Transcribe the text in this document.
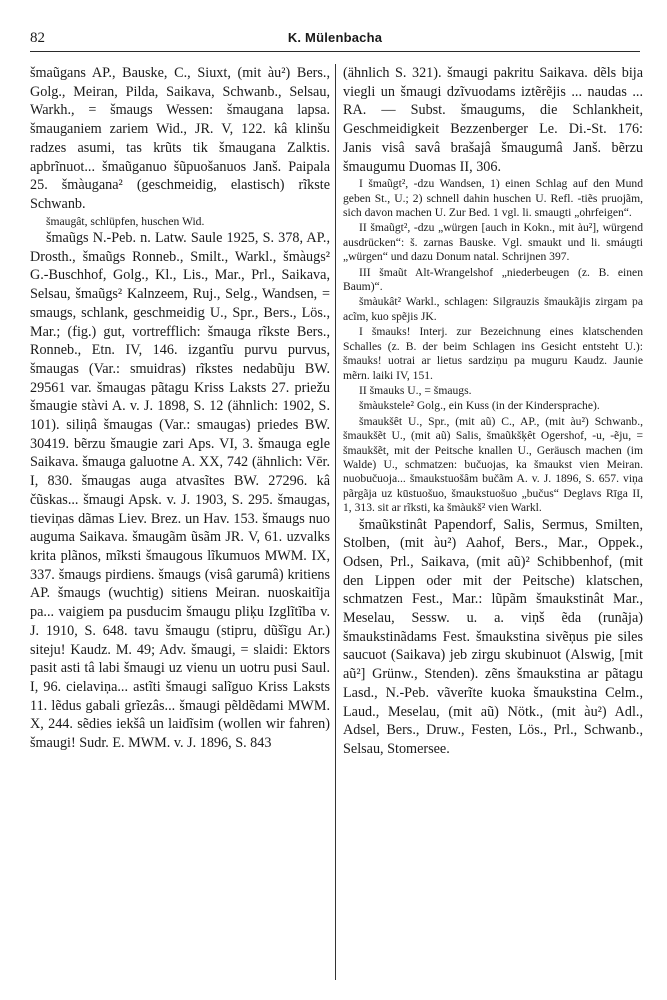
82	K. Mülenbacha

šmaũgans AP., Bauske, C., Siuxt, (mit àu²) Bers., Golg., Meiran, Pilda, Saikava, Schwanb., Selsau, Warkh., = šmaugs Wessen: šmaugana lapsa. šmauganiem zariem Wid., JR. V, 122. kâ klinšu radzes asumi, tas krũts tik šmaugana Zalktis. apbrĩnuot... šmaũganuo šũpuošanuos Janš. Paipala 25. šmàugana² (geschmeidig, elastisch) rĩkste Schwanb.

šmaugât, schlüpfen, huschen Wid.

šmaũgs N.-Peb. n. Latw. Saule 1925, S. 378, AP., Drosth., šmaũgs Ronneb., Smilt., Warkl., šmàugs² G.-Buschhof, Golg., Kl., Lis., Mar., Prl., Saikava, Selsau, šmaũgs² Kalnzeem, Ruj., Selg., Wandsen, = smaugs, schlank, geschmeidig U., Spr., Bers., Lös., Mar.; (fig.) gut, vortrefflich: šmauga rĩkste Bers., Ronneb., Etn. IV, 146. izgantĩu purvu purvus, šmaugas (Var.: smuidras) rĩkstes nedabũju BW. 29561 var. šmaugas pãtagu Kriss Laksts 27. priežu šmaugie stàvi A. v. J. 1898, S. 12 (ähnlich: 1902, S. 101). siliņâ šmaugas (Var.: smaugas) priedes BW. 30419. bẽrzu šmaugie zari Aps. VI, 3. šmauga egle Saikava. šmauga galuotne A. XX, 742 (ähnlich: Vēr. I, 830. šmaugas auga atvasĩtes BW. 27296. kâ čũskas... šmaugi Apsk. v. J. 1903, S. 295. šmaugas, tieviņas dãmas Liev. Brez. un Hav. 153. šmaugs nuo auguma Saikava. šmaugãm ũsãm JR. V, 61. uzvalks krita plãnos, mĩksti šmaugous lĩkumuos MWM. IX, 337. šmaugs pirdiens. šmaugs (visâ garumâ) kritiens AP. šmaugs (wuchtig) sitiens Meiran. nuoskaitĩja pa... vaigiem pa pusducim šmaugu pliķu Izglĩtĩba v. J. 1910, S. 648. tavu šmaugu (stipru, dũšĩgu Ar.) siteju! Kaudz. M. 49; Adv. šmaugi, = slaidi: Ektors pasit asti tâ labi šmaugi uz vienu un uotru pusi Saul. I, 96. cielaviņa... astĩti šmaugi salĩguo Kriss Laksts 11. lẽdus gabali grĩezâs... šmaugi pẽldẽdami MWM. X, 244. sẽdies iekšâ un laidĩsim (wollen wir fahren) šmaugi! Sudr. E. MWM. v. J. 1896, S. 843

(ähnlich S. 321). šmaugi pakritu Saikava. dẽls bija viegli un šmaugi dzĩvuodams iztẽrẽjis ... naudas ... RA. — Subst. šmaugums, die Schlankheit, Geschmeidigkeit Bezzenberger Le. Di.-St. 176: Janis visâ savâ brašajâ šmaugumâ Janš. bẽrzu šmaugumu Duomas II, 306.

I šmaũgt², -dzu Wandsen, 1) einen Schlag auf den Mund geben St., U.; 2) schnell dahin huschen U. Refl. -tiẽs pruojãm, sich davon machen U. Zur Bed. 1 vgl. li. smaugti „ohrfeigen“.

II šmaũgt², -dzu „würgen [auch in Kokn., mit àu²], würgend ausdrücken“: š. zarnas Bauske. Vgl. smaukt und li. smáugti „würgen“ und dazu Donum natal. Schrijnen 397.

III šmaũt Alt-Wrangelshof „niederbeugen (z. B. einen Baum)“.

šmàukât² Warkl., schlagen: Silgrauzis šmaukãjis zirgam pa acĩm, kuo spẽjis JK.

I šmauks! Interj. zur Bezeichnung eines klatschenden Schalles (z. B. der beim Schlagen ins Gesicht entsteht U.): šmauks! uotrai ar lietus sardziņu pa muguru Kaudz. Jaunie mẽrn. laiki IV, 151.

II šmauks U., = šmaugs.

šmàukstele² Golg., ein Kuss (in der Kindersprache).

šmaukšêt U., Spr., (mit aũ) C., AP., (mit àu²) Schwanb., šmaukšẽt U., (mit aũ) Salis, šmaũkšķêt Ogershof, -u, -ẽju, = šmaukšẽt, mit der Peitsche knallen U., Geräusch machen (im Walde) U., schmatzen: bučuojas, ka šmaukst vien Meiran. nuobučuoja... šmaukstuošâm bučãm A. v. J. 1896, S. 657. viņa pãrgãja uz kūstuošuo, šmaukstuošuo „bučus“ Deglavs Rīga II, 1, 313. sit ar rĩksti, ka šmàukš² vien Warkl.

šmaũkstinât Papendorf, Salis, Sermus, Smilten, Stolben, (mit àu²) Aahof, Bers., Mar., Oppek., Odsen, Prl., Saikava, (mit aũ)² Schibbenhof, (mit den Lippen oder mit der Peitsche) klatschen, schmatzen Fest., Mar.: lũpãm šmaukstinât Mar., Meselau, Sessw. u. a. viņš ẽda (runãja) šmaukstinãdams Fest. šmaukstina sivẽņus pie siles saucuot (Saikava) jeb zirgu skubinuot (Alswig, [mit aũ²] Grünw., Stenden). zẽns šmaukstina ar pãtagu Lasd., N.-Peb. vãverĩte kuoka šmaukstina Celm., Laud., Meselau, (mit aũ) Nötk., (mit àu²) Adl., Adsel, Bers., Druw., Festen, Lös., Prl., Schwanb., Selsau, Stomersee.
